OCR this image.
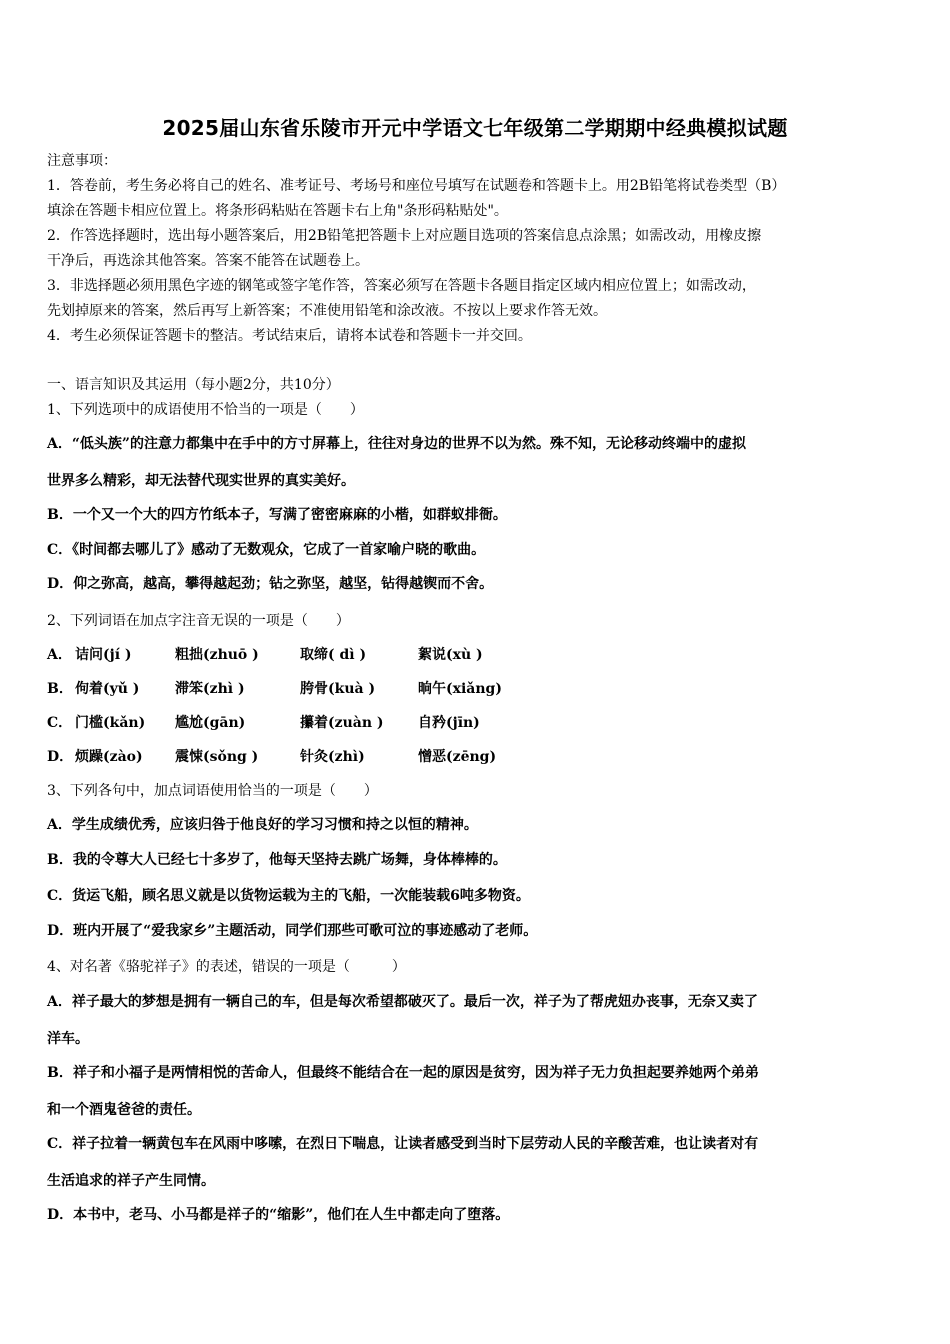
2025届山东省乐陵市开元中学语文七年级第二学期期中经典模拟试题
注意事项：
1．答卷前，考生务必将自己的姓名、准考证号、考场号和座位号填写在试题卷和答题卡上。用2B铅笔将试卷类型（B）
填涂在答题卡相应位置上。将条形码粘贴在答题卡右上角"条形码粘贴处"。
2．作答选择题时，选出每小题答案后，用2B铅笔把答题卡上对应题目选项的答案信息点涂黑；如需改动，用橡皮擦
干净后，再选涂其他答案。答案不能答在试题卷上。
3．非选择题必须用黑色字迹的钢笔或签字笔作答，答案必须写在答题卡各题目指定区域内相应位置上；如需改动，
先划掉原来的答案，然后再写上新答案；不准使用铅笔和涂改液。不按以上要求作答无效。
4．考生必须保证答题卡的整洁。考试结束后，请将本试卷和答题卡一并交回。
一、语言知识及其运用（每小题2分，共10分）
1、下列选项中的成语使用不恰当的一项是（　　）
A．“低头族”的注意力都集中在手中的方寸屏幕上，往往对身边的世界不以为然。殊不知，无论移动终端中的虚拟
世界多么精彩，却无法替代现实世界的真实美好。
B．一个又一个大的四方竹纸本子，写满了密密麻麻的小楷，如群蚁排衙。
C．《时间都去哪儿了》感动了无数观众，它成了一首家喻户晓的歌曲。
D．仰之弥高，越高，攀得越起劲；钻之弥坚，越坚，钻得越锲而不舍。
2、下列词语在加点字注音无误的一项是（　　）
A． 诘问(jí )	粗拙(zhuō )	取缔( dì )	絮说(xù )
B． 佝着(yǔ )	滞笨(zhì )	胯骨(kuà )	晌午(xiǎng)
C． 门槛(kǎn) 尴尬(gān)	攥着(zuàn ) 自矜(jīn)
D． 烦躁(zào) 震悚(sǒng )	针灸(zhì)	憎恶(zēng)
3、下列各句中，加点词语使用恰当的一项是（　　）
A．学生成绩优秀，应该归咎于他良好的学习习惯和持之以恒的精神。
B．我的令尊大人已经七十多岁了，他每天坚持去跳广场舞，身体棒棒的。
C．货运飞船，顾名思义就是以货物运载为主的飞船，一次能装载6吨多物资。
D．班内开展了“爱我家乡”主题活动，同学们那些可歌可泣的事迹感动了老师。
4、对名著《骆驼祥子》的表述，错误的一项是（　　　）
A．祥子最大的梦想是拥有一辆自己的车，但是每次希望都破灭了。最后一次，祥子为了帮虎妞办丧事，无奈又卖了
洋车。
B．祥子和小福子是两情相悦的苦命人，但最终不能结合在一起的原因是贫穷，因为祥子无力负担起要养她两个弟弟
和一个酒鬼爸爸的责任。
C．祥子拉着一辆黄包车在风雨中哆嗦，在烈日下喘息，让读者感受到当时下层劳动人民的辛酸苦难，也让读者对有
生活追求的祥子产生同情。
D．本书中，老马、小马都是祥子的“缩影”，他们在人生中都走向了堕落。
